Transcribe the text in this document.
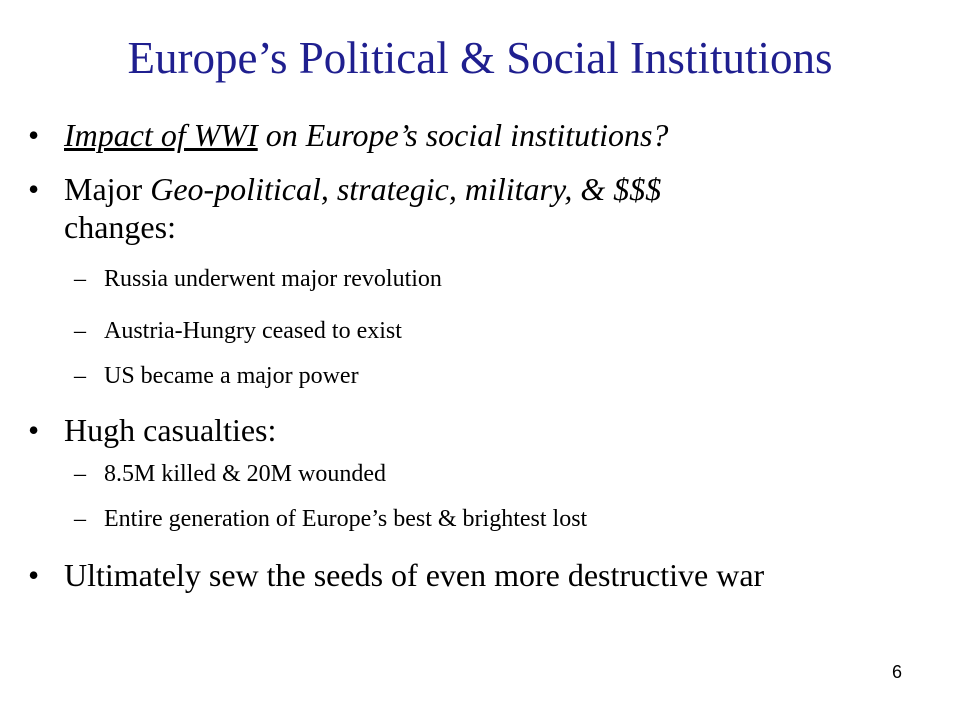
Europe’s Political & Social Institutions
• Impact of WWI on Europe’s social institutions?
• Major Geo-political, strategic, military, & $$$
changes:
– Russia underwent major revolution
– Austria-Hungry ceased to exist
– US became a major power
• Hugh casualties:
– 8.5M killed & 20M wounded
– Entire generation of Europe’s best & brightest lost
• Ultimately sew the seeds of even more destructive war
6
